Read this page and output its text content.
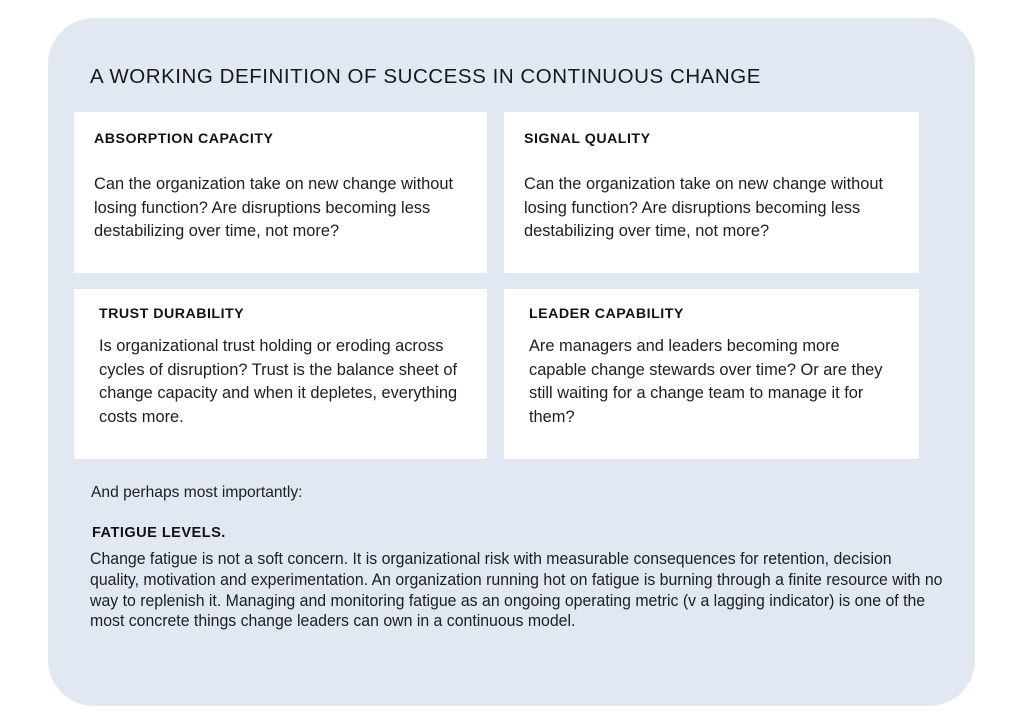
A WORKING DEFINITION OF SUCCESS IN CONTINUOUS CHANGE
ABSORPTION CAPACITY
Can the organization take on new change without losing function? Are disruptions becoming less destabilizing over time, not more?
SIGNAL QUALITY
Can the organization take on new change without losing function? Are disruptions becoming less destabilizing over time, not more?
TRUST DURABILITY
Is organizational trust holding or eroding across cycles of disruption? Trust is the balance sheet of change capacity and when it depletes, everything costs more.
LEADER CAPABILITY
Are managers and leaders becoming more capable change stewards over time? Or are they still waiting for a change team to manage it for them?

And perhaps most importantly:

FATIGUE LEVELS.

Change fatigue is not a soft concern. It is organizational risk with measurable consequences for retention, decision quality, motivation and experimentation. An organization running hot on fatigue is burning through a finite resource with no way to replenish it. Managing and monitoring fatigue as an ongoing operating metric (v a lagging indicator) is one of the most concrete things change leaders can own in a continuous model.
